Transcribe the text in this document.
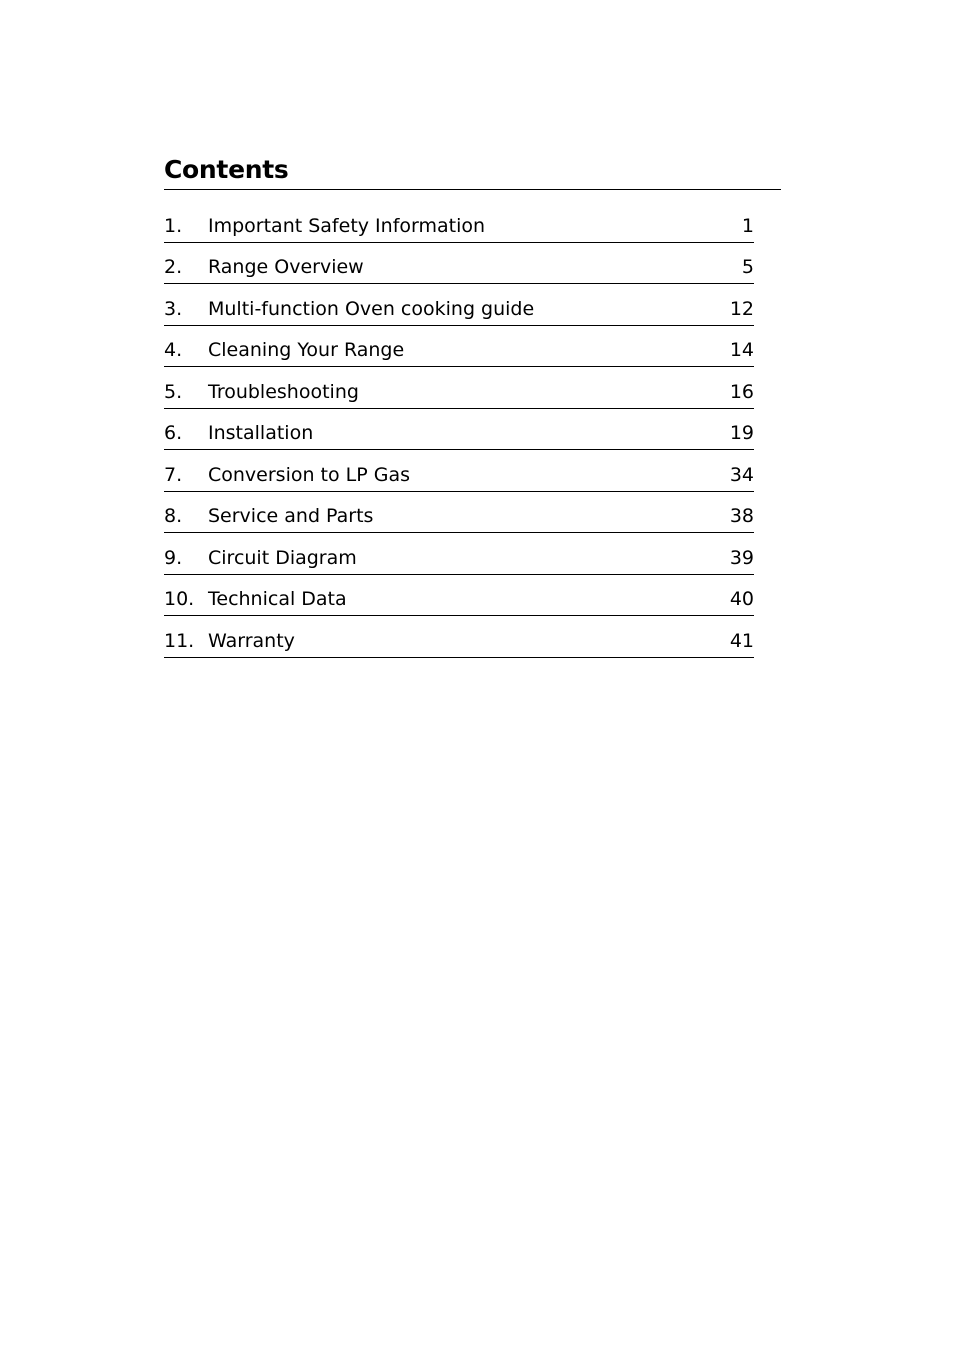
Contents
1.	Important Safety Information	1
2.	Range Overview	5
3.	Multi-function Oven cooking guide	12
4.	Cleaning Your Range	14
5.	Troubleshooting	16
6.	Installation	19
7.	Conversion to LP Gas	34
8.	Service and Parts	38
9.	Circuit Diagram	39
10. Technical Data	40
11. Warranty	41
